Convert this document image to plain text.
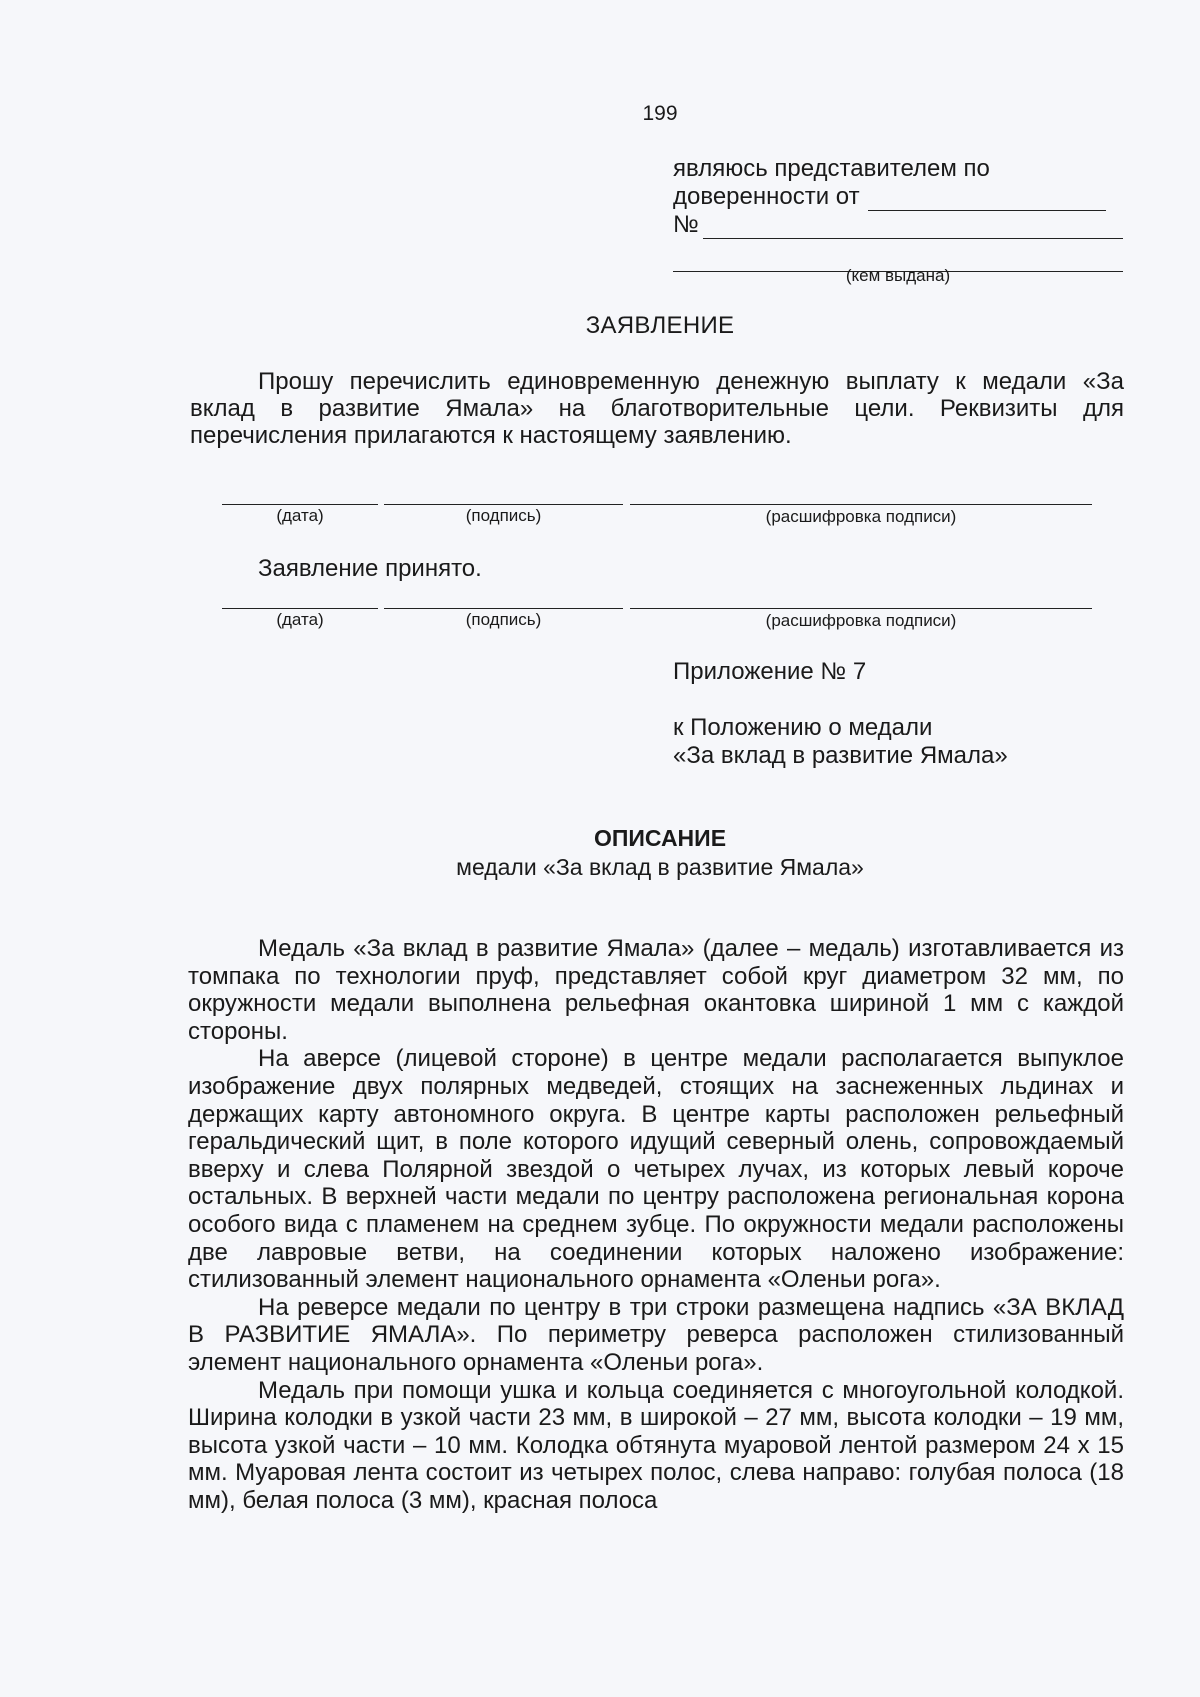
199
являюсь представителем по
доверенности от
№
(кем выдана)
ЗАЯВЛЕНИЕ

Прошу перечислить единовременную денежную выплату к медали «За вклад в развитие Ямала» на благотворительные цели. Реквизиты для перечисления прилагаются к настоящему заявлению.

(дата)	(подпись)	(расшифровка подписи)
Заявление принято.
(дата)	(подпись)	(расшифровка подписи)
Приложение № 7
к Положению о медали
«За вклад в развитие Ямала»
ОПИСАНИЕ
медали «За вклад в развитие Ямала»

Медаль «За вклад в развитие Ямала» (далее – медаль) изготавливается из томпака по технологии пруф, представляет собой круг диаметром 32 мм, по окружности медали выполнена рельефная окантовка шириной 1 мм с каждой стороны.

На аверсе (лицевой стороне) в центре медали располагается выпуклое изображение двух полярных медведей, стоящих на заснеженных льдинах и держащих карту автономного округа. В центре карты расположен рельефный геральдический щит, в поле которого идущий северный олень, сопровождаемый вверху и слева Полярной звездой о четырех лучах, из которых левый короче остальных. В верхней части медали по центру расположена региональная корона особого вида с пламенем на среднем зубце. По окружности медали расположены две лавровые ветви, на соединении которых наложено изображение: стилизованный элемент национального орнамента «Оленьи рога».

На реверсе медали по центру в три строки размещена надпись «ЗА ВКЛАД В РАЗВИТИЕ ЯМАЛА». По периметру реверса расположен стилизованный элемент национального орнамента «Оленьи рога».

Медаль при помощи ушка и кольца соединяется с многоугольной колодкой. Ширина колодки в узкой части 23 мм, в широкой – 27 мм, высота колодки – 19 мм, высота узкой части – 10 мм. Колодка обтянута муаровой лентой размером 24 х 15 мм. Муаровая лента состоит из четырех полос, слева направо: голубая полоса (18 мм), белая полоса (3 мм), красная полоса
